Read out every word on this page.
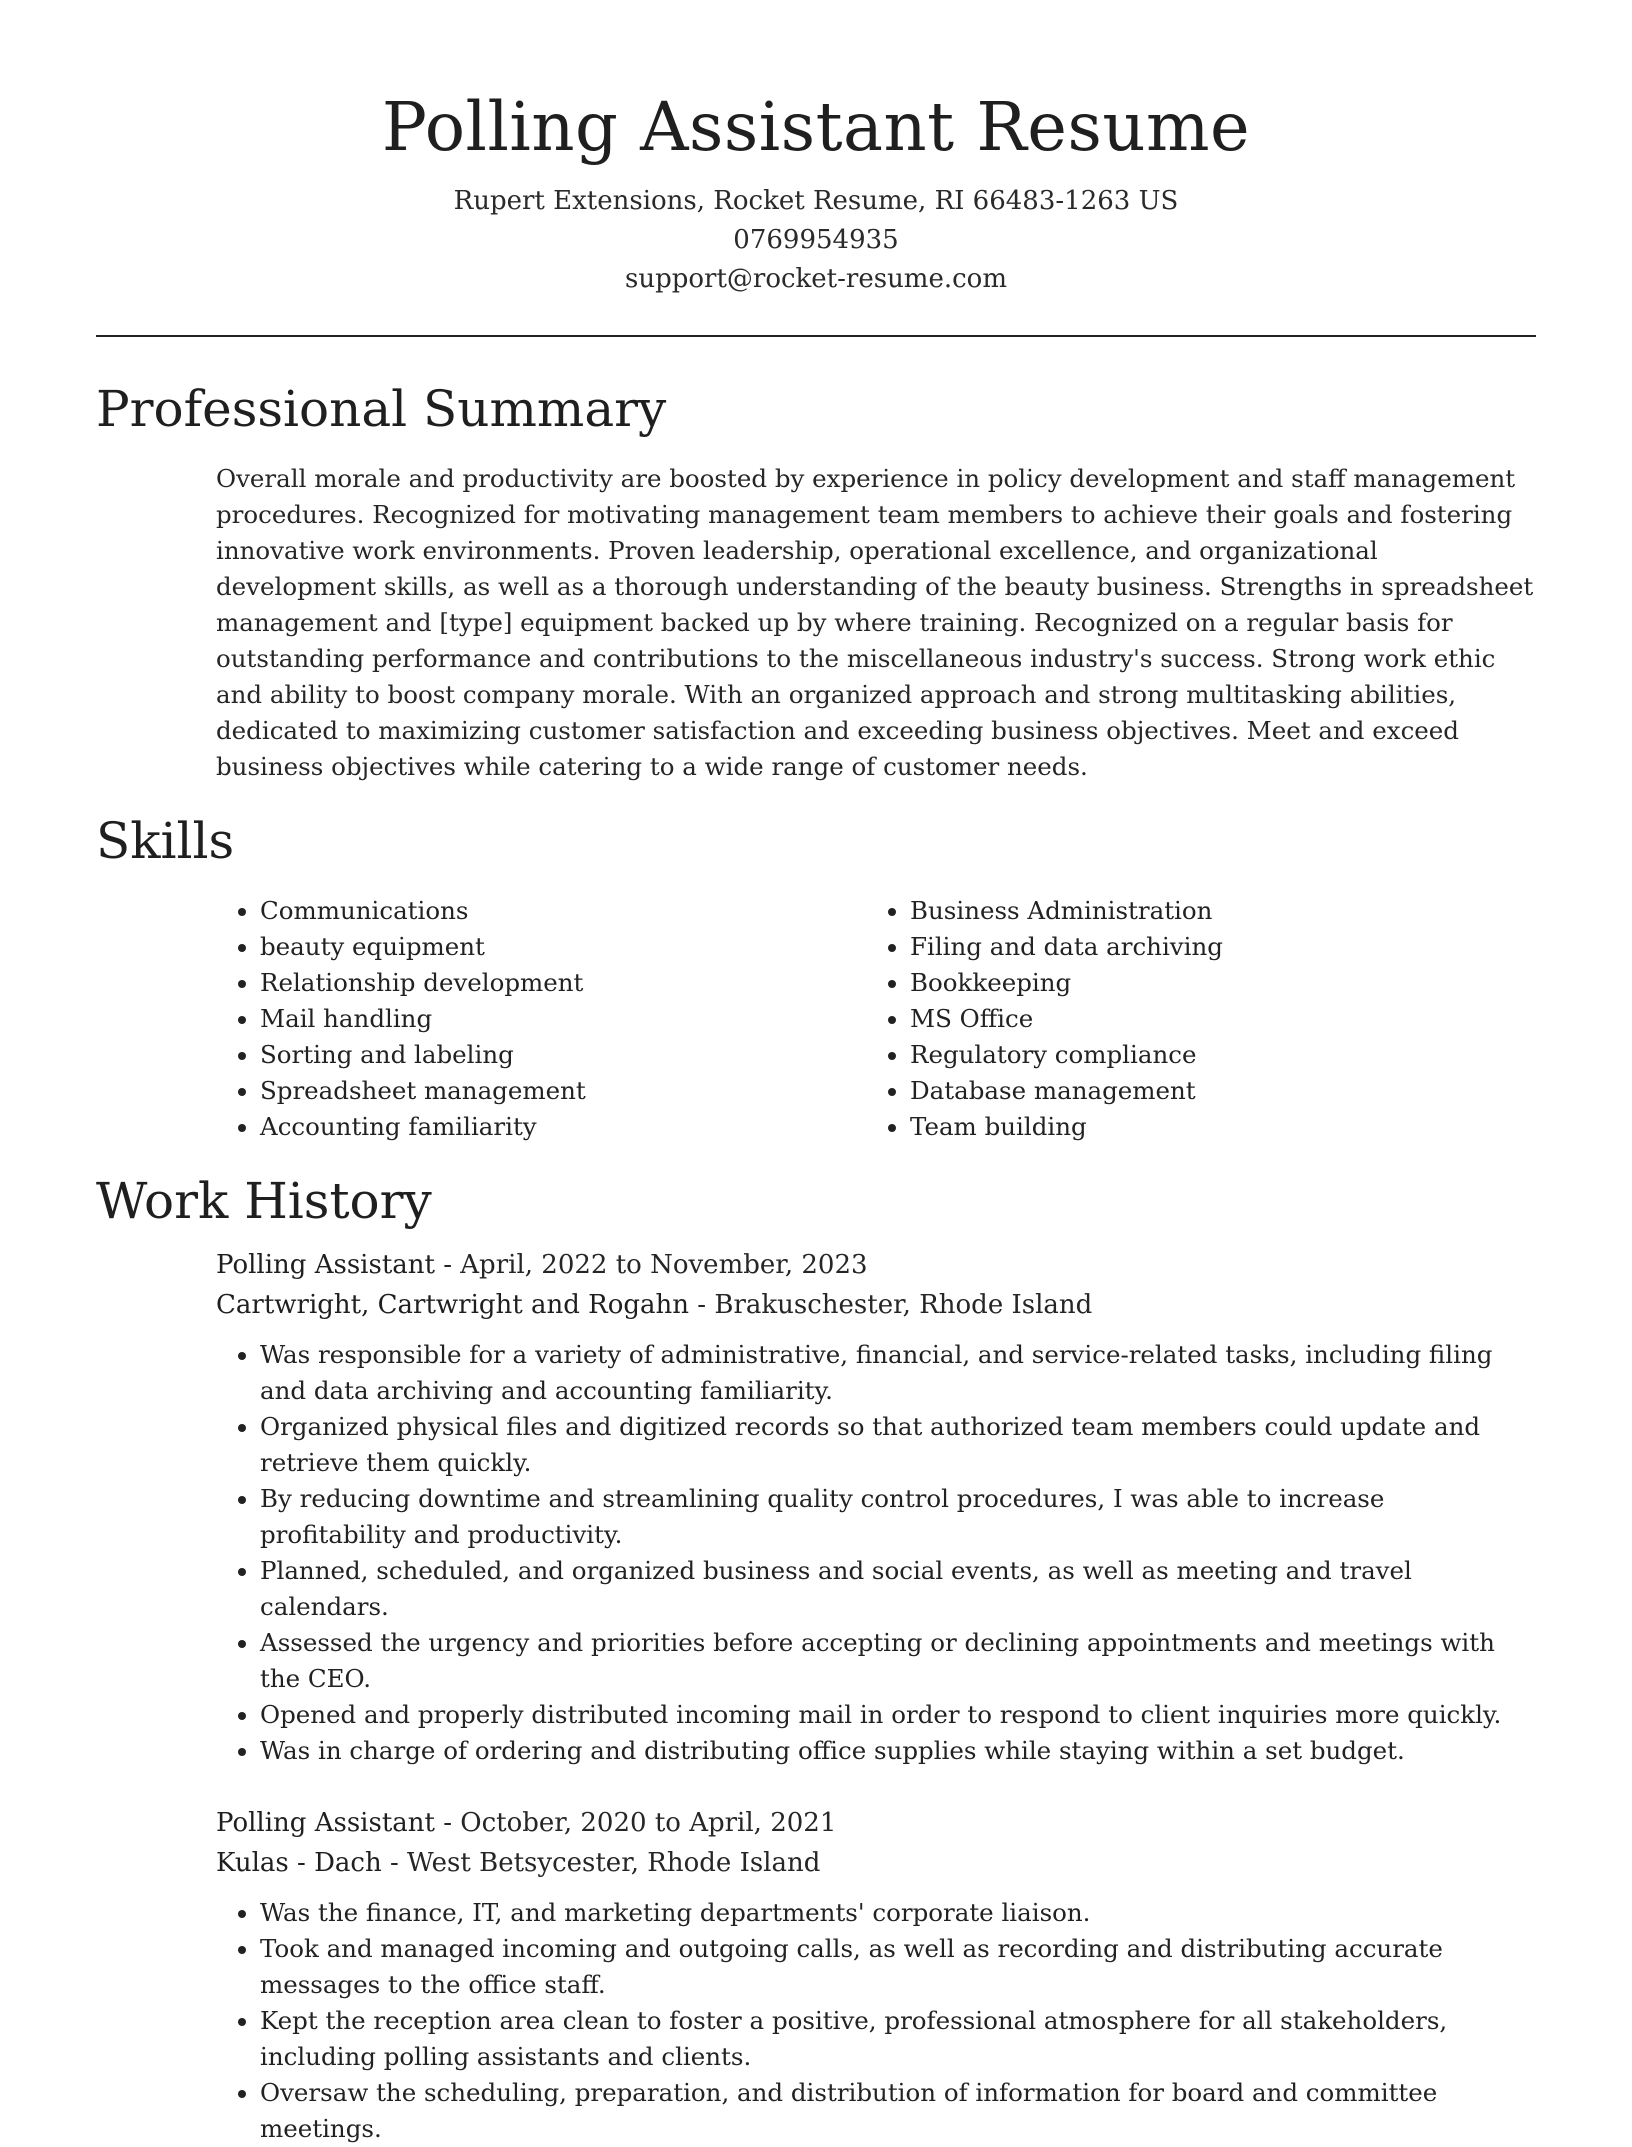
Polling Assistant Resume
Rupert Extensions, Rocket Resume, RI 66483-1263 US
0769954935
support@rocket-resume.com
Professional Summary

Overall morale and productivity are boosted by experience in policy development and staff management procedures. Recognized for motivating management team members to achieve their goals and fostering innovative work environments. Proven leadership, operational excellence, and organizational development skills, as well as a thorough understanding of the beauty business. Strengths in spreadsheet management and [type] equipment backed up by where training. Recognized on a regular basis for outstanding performance and contributions to the miscellaneous industry's success. Strong work ethic and ability to boost company morale. With an organized approach and strong multitasking abilities, dedicated to maximizing customer satisfaction and exceeding business objectives. Meet and exceed business objectives while catering to a wide range of customer needs.

Skills
• Communications
• beauty equipment
• Relationship development
• Mail handling
• Sorting and labeling
• Spreadsheet management
• Accounting familiarity
• Business Administration
• Filing and data archiving
• Bookkeeping
• MS Office
• Regulatory compliance
• Database management
• Team building
Work History
Polling Assistant - April, 2022 to November, 2023
Cartwright, Cartwright and Rogahn - Brakuschester, Rhode Island
• Was responsible for a variety of administrative, financial, and service-related tasks, including filing and data archiving and accounting familiarity.
• Organized physical files and digitized records so that authorized team members could update and retrieve them quickly.
• By reducing downtime and streamlining quality control procedures, I was able to increase profitability and productivity.
• Planned, scheduled, and organized business and social events, as well as meeting and travel calendars.
• Assessed the urgency and priorities before accepting or declining appointments and meetings with the CEO.
• Opened and properly distributed incoming mail in order to respond to client inquiries more quickly.
• Was in charge of ordering and distributing office supplies while staying within a set budget.
Polling Assistant - October, 2020 to April, 2021
Kulas - Dach - West Betsycester, Rhode Island
• Was the finance, IT, and marketing departments' corporate liaison.
• Took and managed incoming and outgoing calls, as well as recording and distributing accurate messages to the office staff.
• Kept the reception area clean to foster a positive, professional atmosphere for all stakeholders, including polling assistants and clients.
• Oversaw the scheduling, preparation, and distribution of information for board and committee meetings.
